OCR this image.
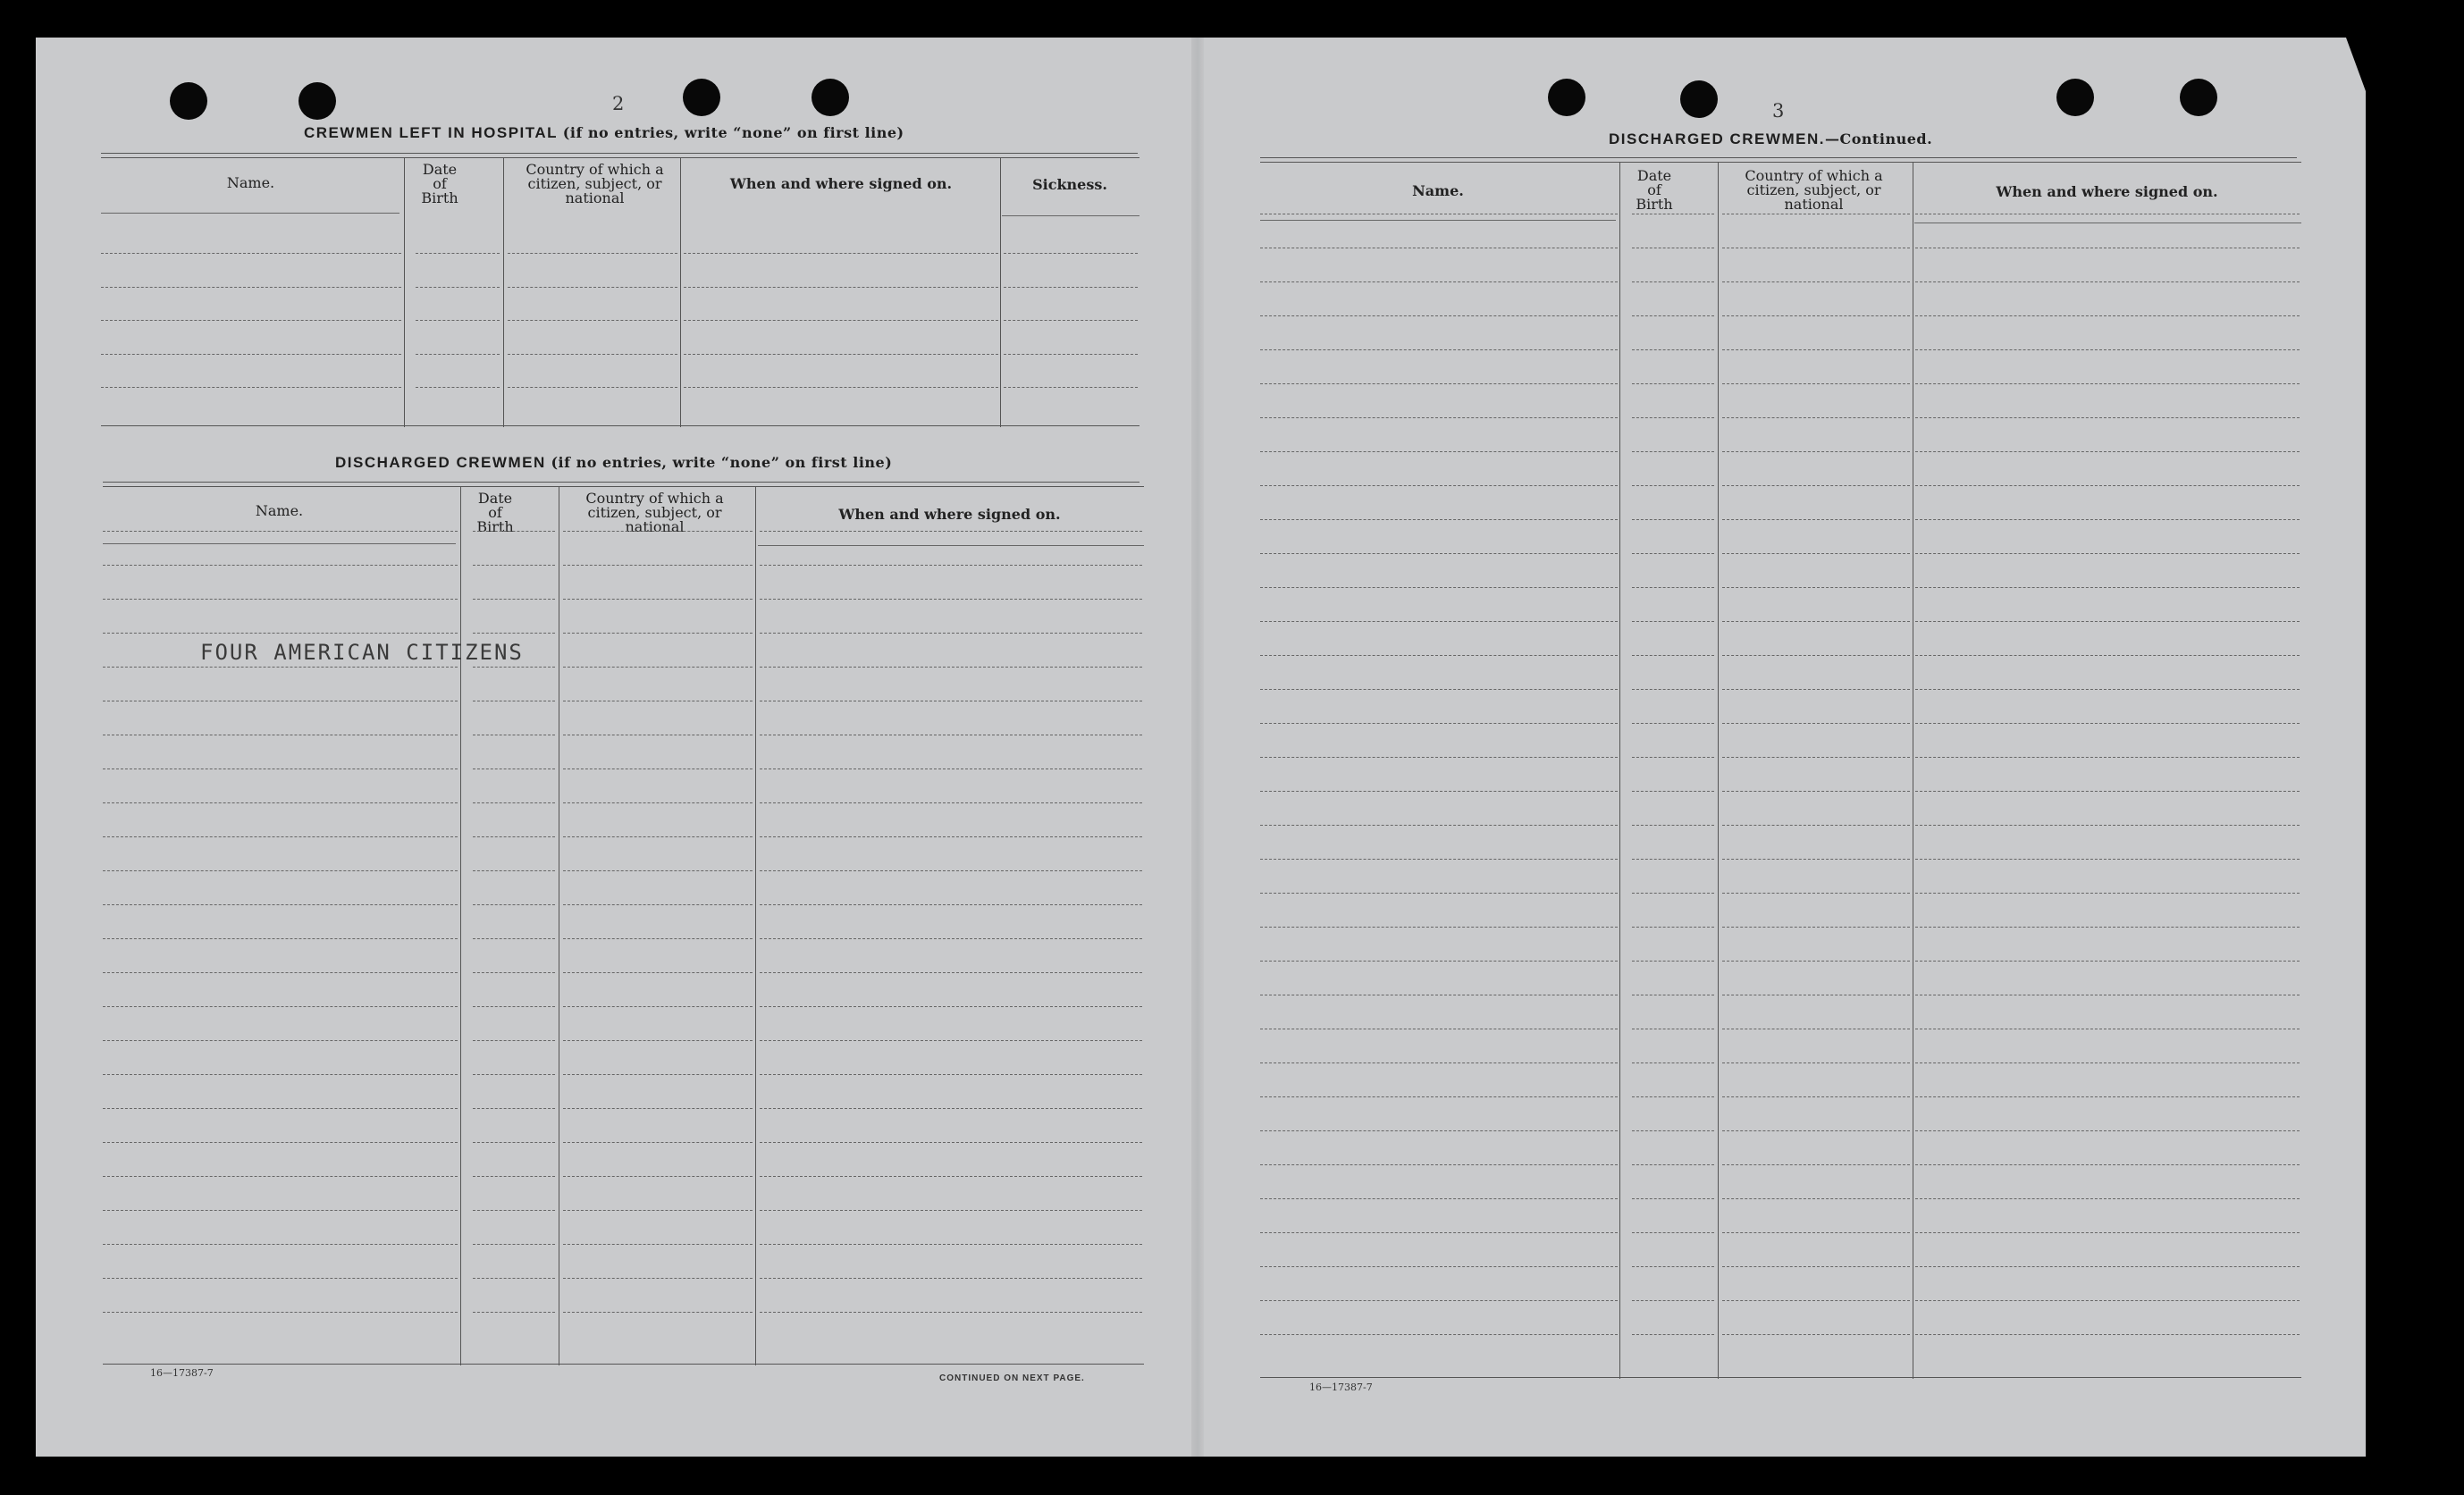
2
CREWMEN LEFT IN HOSPITAL (if no entries, write “none” on first line)
Name.
Date
of
Birth
Country of which a
citizen, subject, or
national
When and where signed on.	Sickness.
DISCHARGED CREWMEN (if no entries, write “none” on first line)
Name.
Date
of
Birth
Country of which a
citizen, subject, or
national
When and where signed on.
FOUR AMERICAN CITIZENS
16—17387-7	CONTINUED ON NEXT PAGE.
3
DISCHARGED CREWMEN.—Continued.
Name.
Date
of
Birth
Country of which a
citizen, subject, or
national
When and where signed on.
16—17387-7
